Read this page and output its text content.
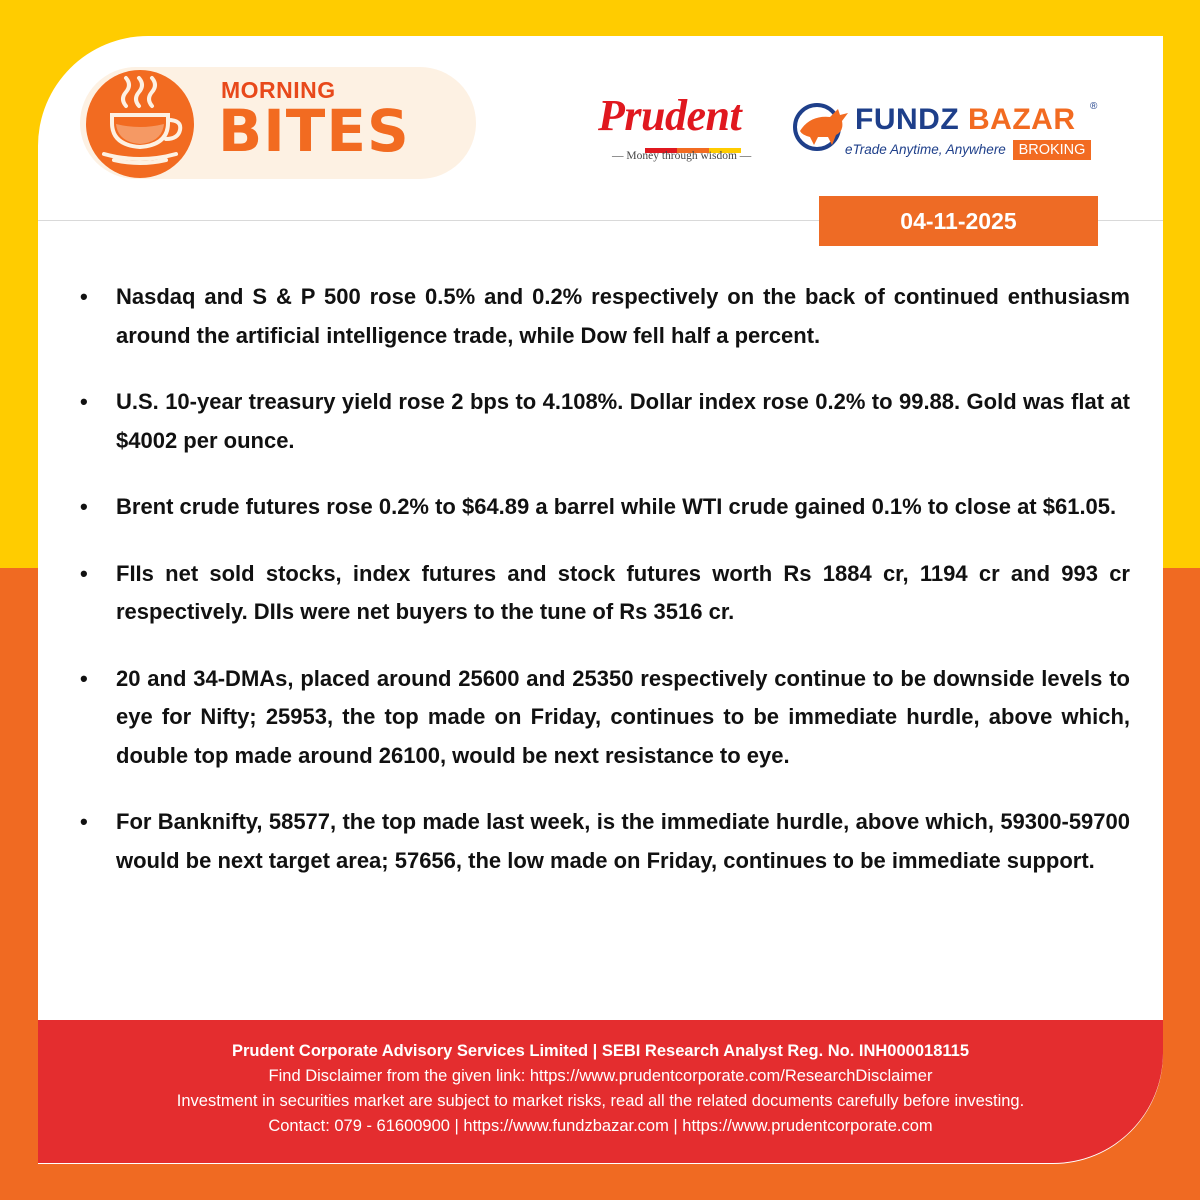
MORNING
BITES	Prudent
— Money through wisdom —
FUNDZ BAZAR ®
eTrade Anytime, Anywhere BROKING
04-11-2025
• Nasdaq and S & P 500 rose 0.5% and 0.2% respectively on the back of continued enthusiasm around the artificial intelligence trade, while Dow fell half a percent.
• U.S. 10-year treasury yield rose 2 bps to 4.108%. Dollar index rose 0.2% to 99.88. Gold was flat at $4002 per ounce.
• Brent crude futures rose 0.2% to $64.89 a barrel while WTI crude gained 0.1% to close at $61.05.
• FIIs net sold stocks, index futures and stock futures worth Rs 1884 cr, 1194 cr and 993 cr respectively. DIIs were net buyers to the tune of Rs 3516 cr.
• 20 and 34-DMAs, placed around 25600 and 25350 respectively continue to be downside levels to eye for Nifty; 25953, the top made on Friday, continues to be immediate hurdle, above which, double top made around 26100, would be next resistance to eye.
• For Banknifty, 58577, the top made last week, is the immediate hurdle, above which, 59300-59700 would be next target area; 57656, the low made on Friday, continues to be immediate support.
Prudent Corporate Advisory Services Limited | SEBI Research Analyst Reg. No. INH000018115
Find Disclaimer from the given link: https://www.prudentcorporate.com/ResearchDisclaimer
Investment in securities market are subject to market risks, read all the related documents carefully before investing.
Contact: 079 - 61600900 | https://www.fundzbazar.com | https://www.prudentcorporate.com
